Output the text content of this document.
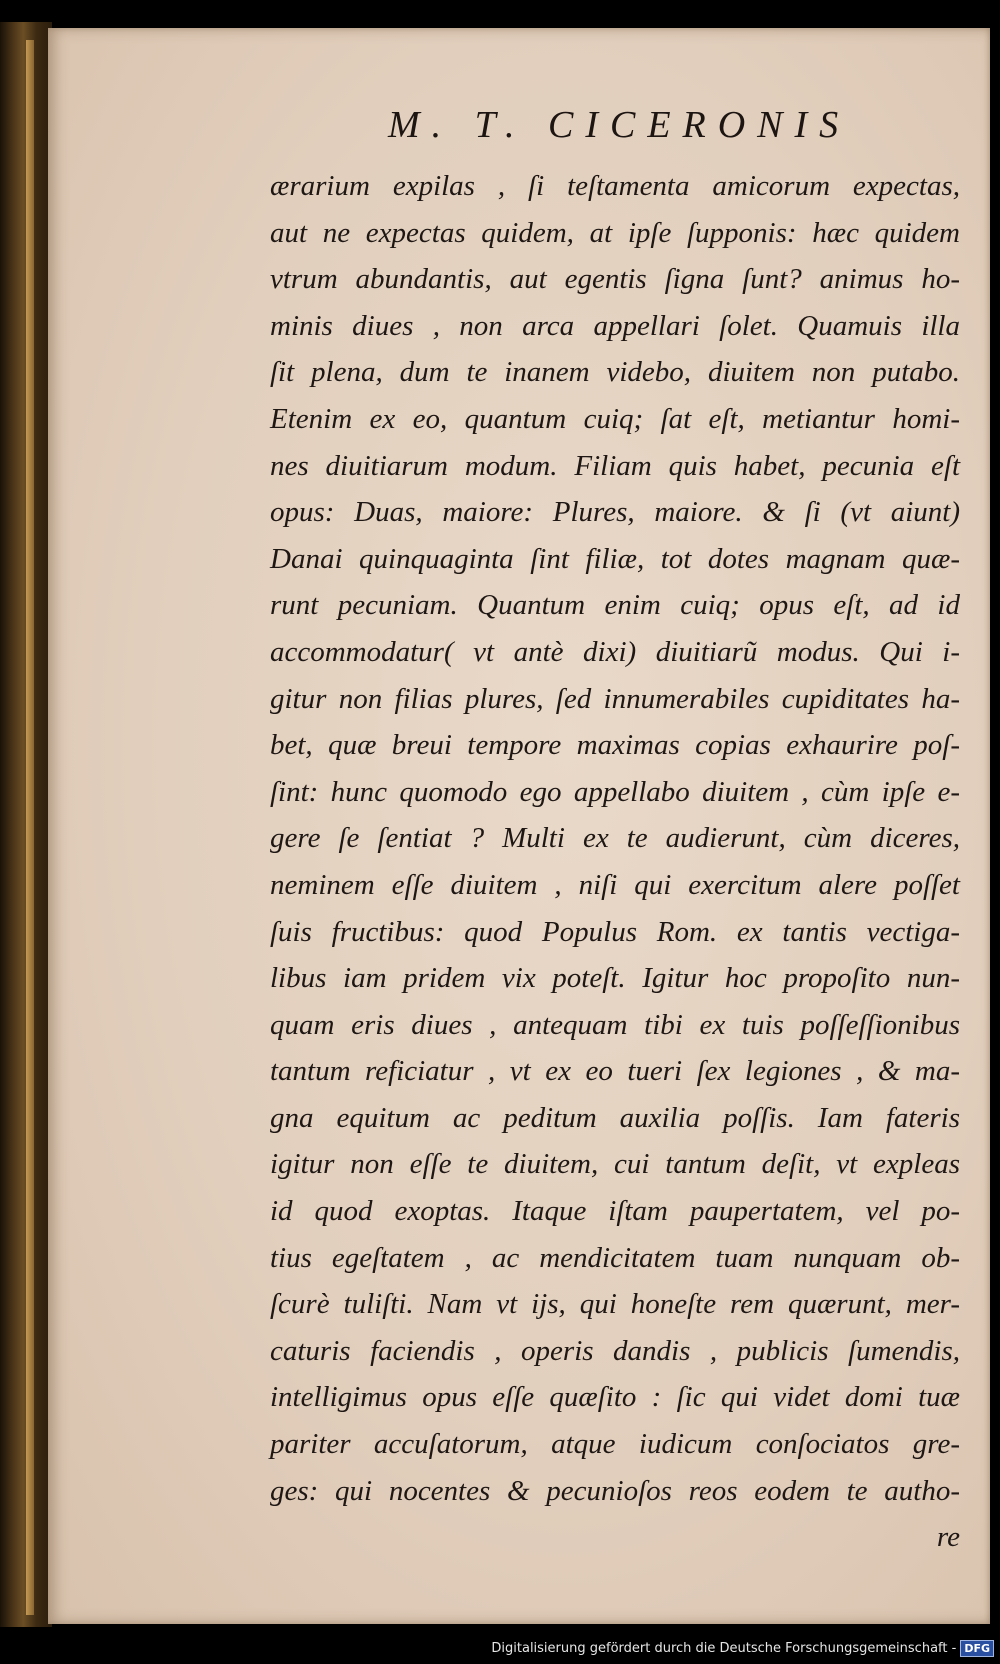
M. T. CICERONIS
ærarium expilas , ſi teſtamenta amicorum expectas,
aut ne expectas quidem, at ipſe ſupponis: hæc quidem
vtrum abundantis, aut egentis ſigna ſunt? animus ho-
minis diues , non arca appellari ſolet. Quamuis illa
ſit plena, dum te inanem videbo, diuitem non putabo.
Etenim ex eo, quantum cuiq; ſat eſt, metiantur homi-
nes diuitiarum modum. Filiam quis habet, pecunia eſt
opus: Duas, maiore: Plures, maiore. & ſi (vt aiunt)
Danai quinquaginta ſint filiæ, tot dotes magnam quæ-
runt pecuniam. Quantum enim cuiq; opus eſt, ad id
accommodatur( vt antè dixi) diuitiarũ modus. Qui i-
gitur non filias plures, ſed innumerabiles cupiditates ha-
bet, quæ breui tempore maximas copias exhaurire poſ-
ſint: hunc quomodo ego appellabo diuitem , cùm ipſe e-
gere ſe ſentiat ? Multi ex te audierunt, cùm diceres,
neminem eſſe diuitem , niſi qui exercitum alere poſſet
ſuis fructibus: quod Populus Rom. ex tantis vectiga-
libus iam pridem vix poteſt. Igitur hoc propoſito nun-
quam eris diues , antequam tibi ex tuis poſſeſſionibus
tantum reficiatur , vt ex eo tueri ſex legiones , & ma-
gna equitum ac peditum auxilia poſſis. Iam fateris
igitur non eſſe te diuitem, cui tantum deſit, vt expleas
id quod exoptas. Itaque iſtam paupertatem, vel po-
tius egeſtatem , ac mendicitatem tuam nunquam ob-
ſcurè tuliſti. Nam vt ijs, qui honeſte rem quærunt, mer-
caturis faciendis , operis dandis , publicis ſumendis,
intelligimus opus eſſe quæſito : ſic qui videt domi tuæ
pariter accuſatorum, atque iudicum conſociatos gre-
ges: qui nocentes & pecunioſos reos eodem te autho-
re
Digitalisierung gefördert durch die Deutsche Forschungsgemeinschaft - DFG
